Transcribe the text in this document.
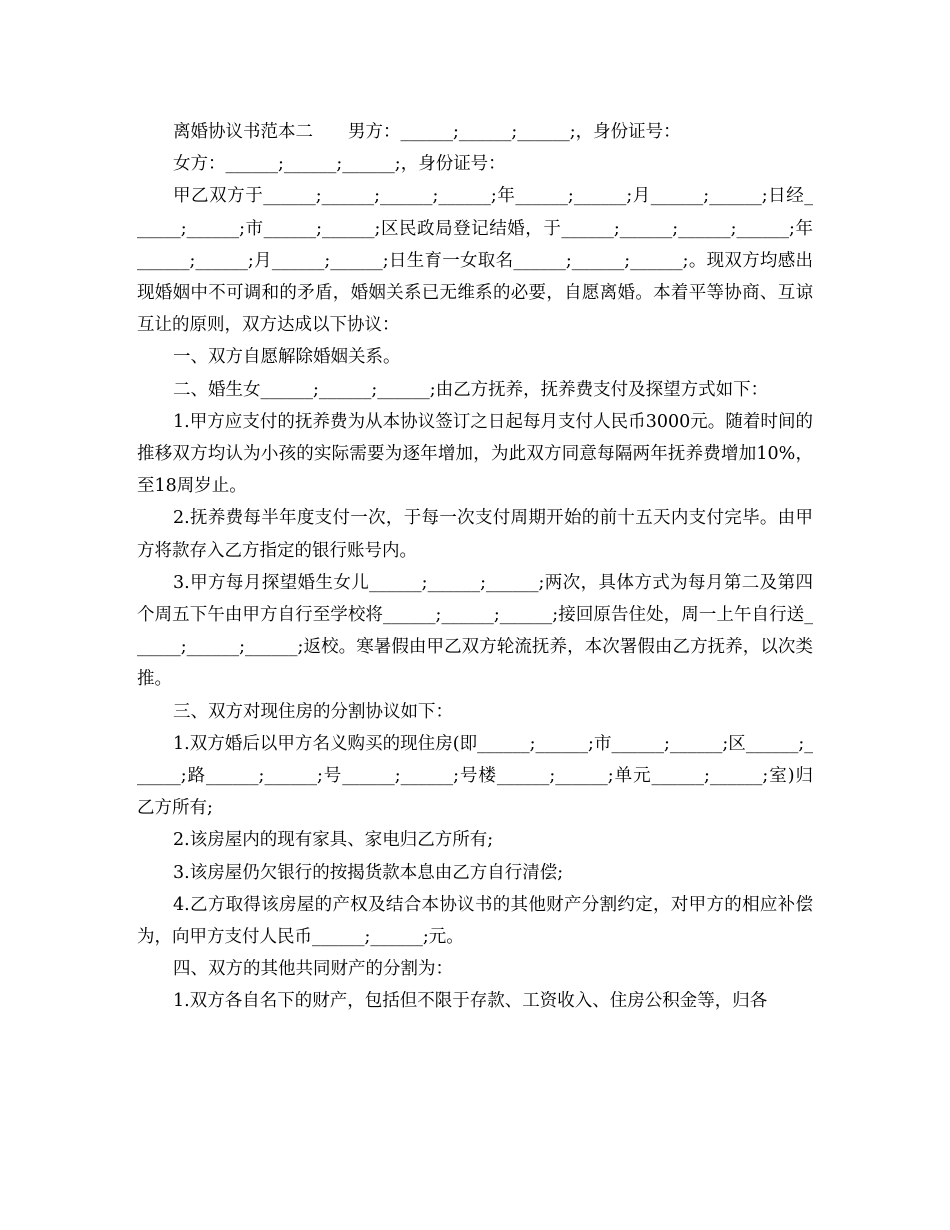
离婚协议书范本二　　男方：______;______;______;，身份证号：

女方：______;______;______;，身份证号：

甲乙双方于______;______;______;______;年______;______;月______;______;日经______;______;市______;______;区民政局登记结婚，于______;______;______;______;年______;______;月______;______;日生育一女取名______;______;______;。现双方均感出现婚姻中不可调和的矛盾，婚姻关系已无维系的必要，自愿离婚。本着平等协商、互谅互让的原则，双方达成以下协议：

一、双方自愿解除婚姻关系。

二、婚生女______;______;______;由乙方抚养，抚养费支付及探望方式如下：

1.甲方应支付的抚养费为从本协议签订之日起每月支付人民币3000元。随着时间的推移双方均认为小孩的实际需要为逐年增加，为此双方同意每隔两年抚养费增加10%，至18周岁止。

2.抚养费每半年度支付一次，于每一次支付周期开始的前十五天内支付完毕。由甲方将款存入乙方指定的银行账号内。

3.甲方每月探望婚生女儿______;______;______;两次，具体方式为每月第二及第四个周五下午由甲方自行至学校将______;______;______;接回原告住处，周一上午自行送______;______;______;返校。寒暑假由甲乙双方轮流抚养，本次署假由乙方抚养，以次类推。

三、双方对现住房的分割协议如下：

1.双方婚后以甲方名义购买的现住房(即______;______;市______;______;区______;______;路______;______;号______;______;号楼______;______;单元______;______;室)归乙方所有;

2.该房屋内的现有家具、家电归乙方所有;

3.该房屋仍欠银行的按揭货款本息由乙方自行清偿;

4.乙方取得该房屋的产权及结合本协议书的其他财产分割约定，对甲方的相应补偿为，向甲方支付人民币______;______;元。

四、双方的其他共同财产的分割为：

1.双方各自名下的财产，包括但不限于存款、工资收入、住房公积金等，归各
